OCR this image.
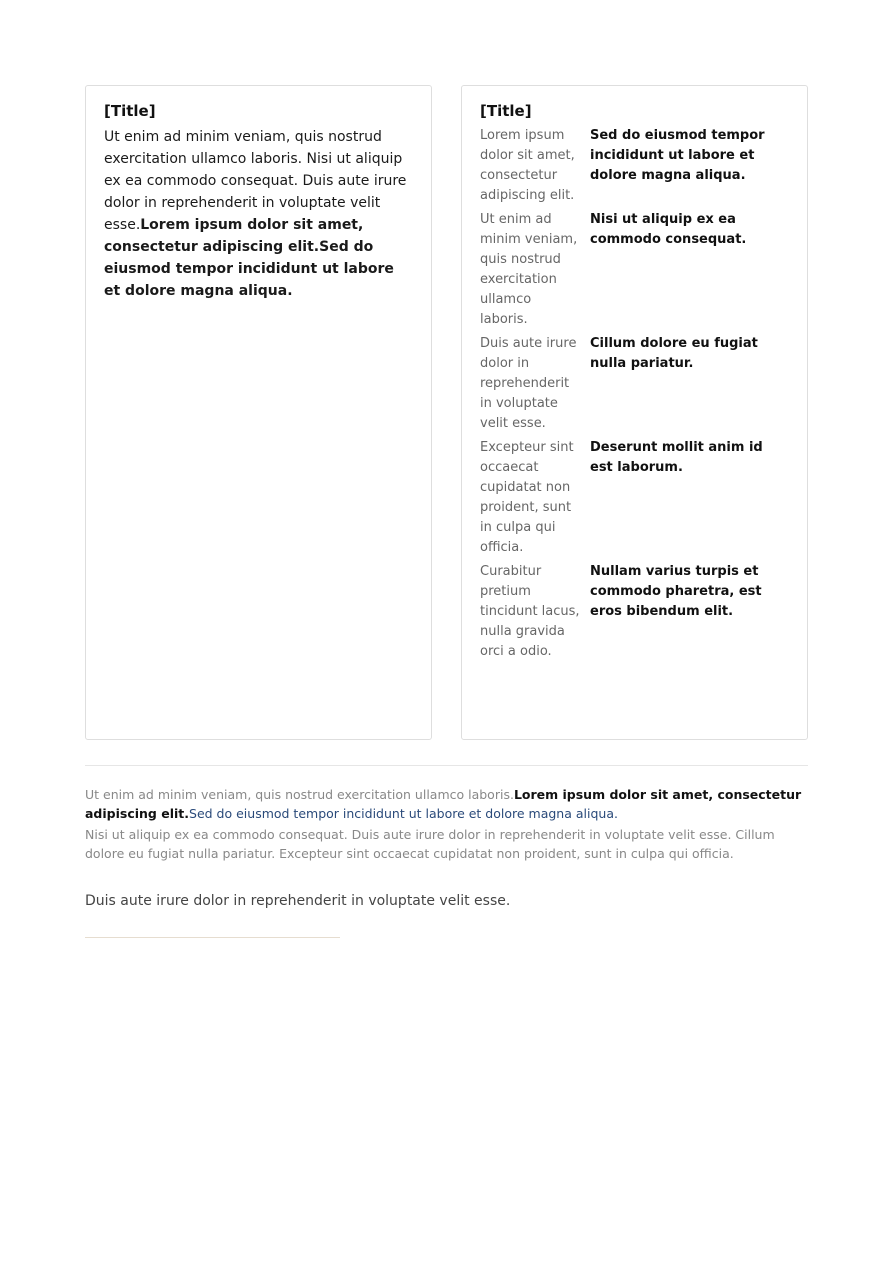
[Title]
Ut enim ad minim veniam, quis nostrud exercitation ullamco laboris. Nisi ut aliquip ex ea commodo consequat. Duis aute irure dolor in reprehenderit in voluptate velit esse.Lorem ipsum dolor sit amet, consectetur adipiscing elit.Sed do eiusmod tempor incididunt ut labore et dolore magna aliqua.
[Title]
Lorem ipsum dolor sit amet, consectetur adipiscing elit.
Sed do eiusmod tempor incididunt ut labore et dolore magna aliqua.
Ut enim ad minim veniam, quis nostrud exercitation ullamco laboris.
Nisi ut aliquip ex ea commodo consequat.
Duis aute irure dolor in reprehenderit in voluptate velit esse.
Cillum dolore eu fugiat nulla pariatur.
Excepteur sint occaecat cupidatat non proident, sunt in culpa qui officia.
Deserunt mollit anim id est laborum.
Curabitur pretium tincidunt lacus, nulla gravida orci a odio.
Nullam varius turpis et commodo pharetra, est eros bibendum elit.

Ut enim ad minim veniam, quis nostrud exercitation ullamco laboris.Lorem ipsum dolor sit amet, consectetur adipiscing elit.Sed do eiusmod tempor incididunt ut labore et dolore magna aliqua.

Nisi ut aliquip ex ea commodo consequat. Duis aute irure dolor in reprehenderit in voluptate velit esse. Cillum dolore eu fugiat nulla pariatur. Excepteur sint occaecat cupidatat non proident, sunt in culpa qui officia.

Duis aute irure dolor in reprehenderit in voluptate velit esse.
